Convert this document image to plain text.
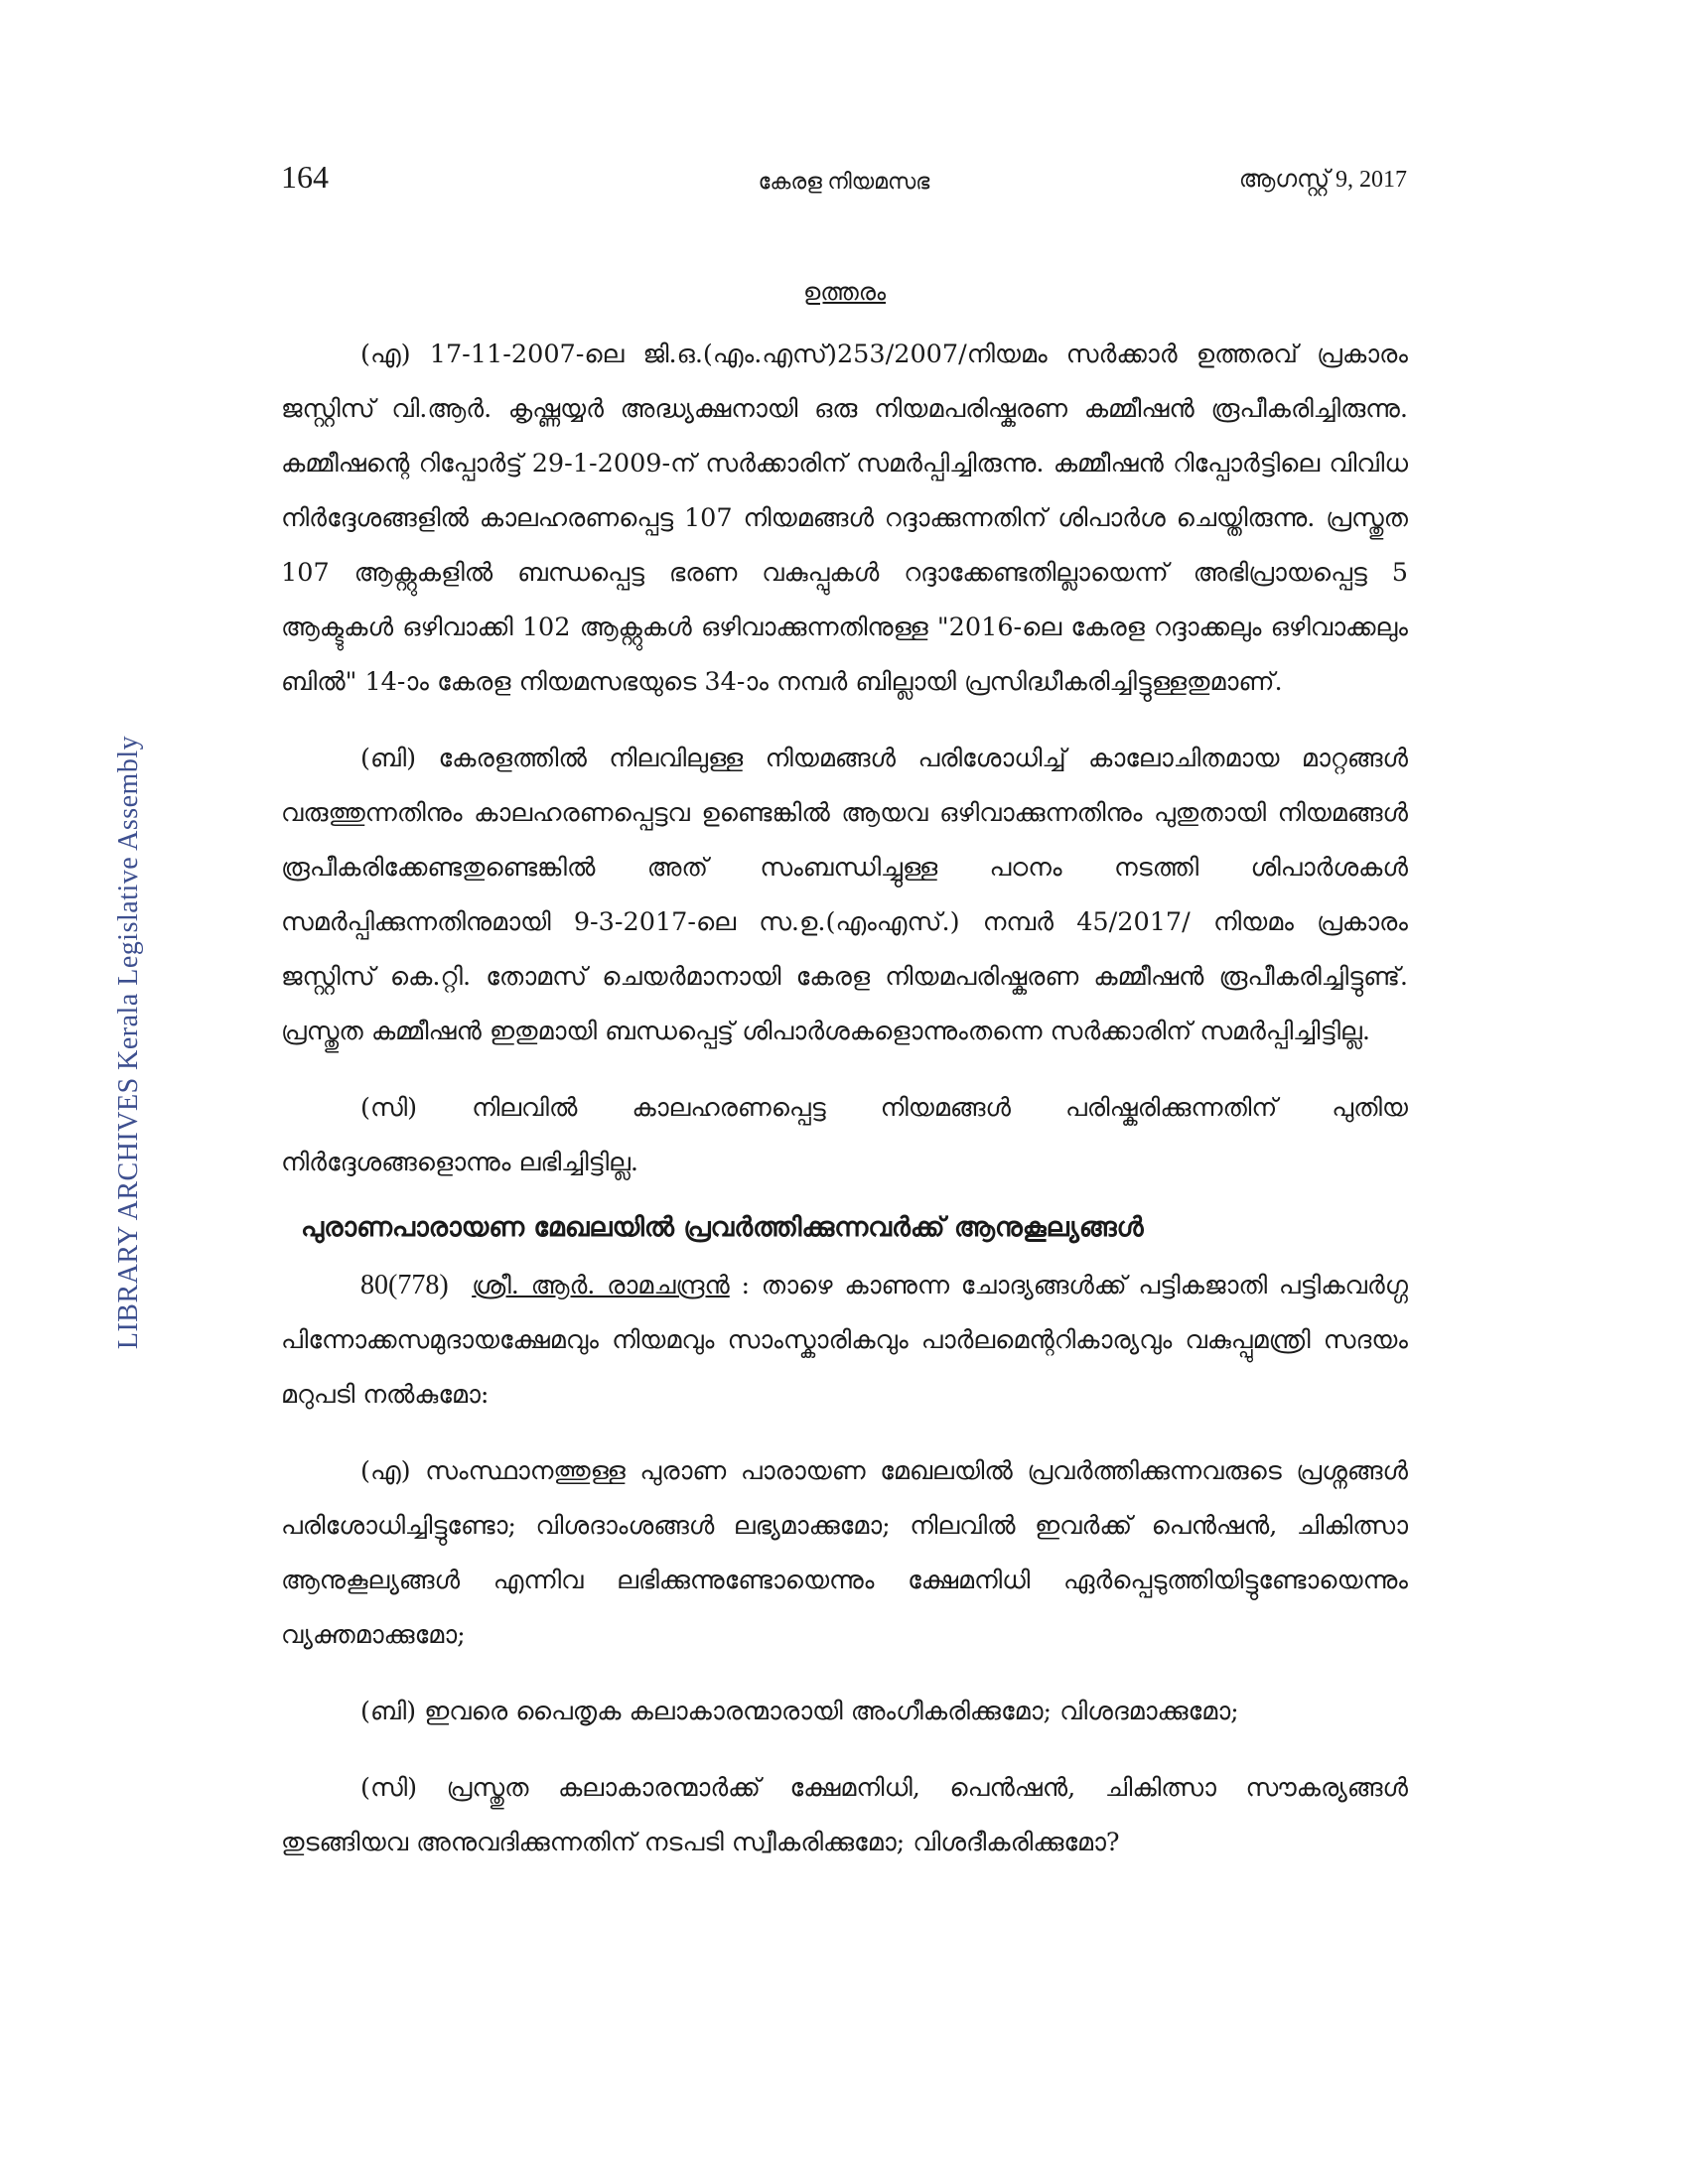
LIBRARY ARCHIVES Kerala Legislative Assembly
164	കേരള നിയമസഭ	ആഗസ്റ്റ് 9, 2017
ഉത്തരം

(എ) 17-11-2007-ലെ ജി.ഒ.(എം.എസ്)253/2007/നിയമം സർക്കാർ ഉത്തരവ് പ്രകാരം ജസ്റ്റിസ് വി.ആർ. കൃഷ്ണയ്യർ അദ്ധ്യക്ഷനായി ഒരു നിയമപരിഷ്കരണ കമ്മീഷൻ രൂപീകരിച്ചിരുന്നു. കമ്മീഷന്റെ റിപ്പോർട്ട് 29-1-2009-ന് സർക്കാരിന് സമർപ്പിച്ചിരുന്നു. കമ്മീഷൻ റിപ്പോർട്ടിലെ വിവിധ നിർദ്ദേശങ്ങളിൽ കാലഹരണപ്പെട്ട 107 നിയമങ്ങൾ റദ്ദാക്കുന്നതിന് ശിപാർശ ചെയ്തിരുന്നു. പ്രസ്തുത 107 ആക്റ്റുകളിൽ ബന്ധപ്പെട്ട ഭരണ വകുപ്പുകൾ റദ്ദാക്കേണ്ടതില്ലായെന്ന് അഭിപ്രായപ്പെട്ട 5 ആക്ടുകൾ ഒഴിവാക്കി 102 ആക്റ്റുകൾ ഒഴിവാക്കുന്നതിനുള്ള "2016-ലെ കേരള റദ്ദാക്കലും ഒഴിവാക്കലും ബിൽ" 14-ാം കേരള നിയമസഭയുടെ 34-ാം നമ്പർ ബില്ലായി പ്രസിദ്ധീകരിച്ചിട്ടുള്ളതുമാണ്.

(ബി) കേരളത്തിൽ നിലവിലുള്ള നിയമങ്ങൾ പരിശോധിച്ച് കാലോചിതമായ മാറ്റങ്ങൾ വരുത്തുന്നതിനും കാലഹരണപ്പെട്ടവ ഉണ്ടെങ്കിൽ ആയവ ഒഴിവാക്കുന്നതിനും പുതുതായി നിയമങ്ങൾ രൂപീകരിക്കേണ്ടതുണ്ടെങ്കിൽ അത് സംബന്ധിച്ചുള്ള പഠനം നടത്തി ശിപാർശകൾ സമർപ്പിക്കുന്നതിനുമായി 9-3-2017-ലെ സ.ഉ.(എംഎസ്.) നമ്പർ 45/2017/ നിയമം പ്രകാരം ജസ്റ്റിസ് കെ.റ്റി. തോമസ് ചെയർമാനായി കേരള നിയമപരിഷ്കരണ കമ്മീഷൻ രൂപീകരിച്ചിട്ടുണ്ട്. പ്രസ്തുത കമ്മീഷൻ ഇതുമായി ബന്ധപ്പെട്ട് ശിപാർശകളൊന്നുംതന്നെ സർക്കാരിന് സമർപ്പിച്ചിട്ടില്ല.

(സി) നിലവിൽ കാലഹരണപ്പെട്ട നിയമങ്ങൾ പരിഷ്കരിക്കുന്നതിന് പുതിയ നിർദ്ദേശങ്ങളൊന്നും ലഭിച്ചിട്ടില്ല.

പുരാണപാരായണ മേഖലയിൽ പ്രവർത്തിക്കുന്നവർക്ക് ആനുകൂല്യങ്ങൾ

80(778) ശ്രീ. ആർ. രാമചന്ദ്രൻ : താഴെ കാണുന്ന ചോദ്യങ്ങൾക്ക് പട്ടികജാതി പട്ടികവർഗ്ഗ പിന്നോക്കസമുദായക്ഷേമവും നിയമവും സാംസ്കാരികവും പാർലമെന്ററികാര്യവും വകുപ്പുമന്ത്രി സദയം മറുപടി നൽകുമോ:

(എ) സംസ്ഥാനത്തുള്ള പുരാണ പാരായണ മേഖലയിൽ പ്രവർത്തിക്കുന്നവരുടെ പ്രശ്നങ്ങൾ പരിശോധിച്ചിട്ടുണ്ടോ; വിശദാംശങ്ങൾ ലഭ്യമാക്കുമോ; നിലവിൽ ഇവർക്ക് പെൻഷൻ, ചികിത്സാ ആനുകൂല്യങ്ങൾ എന്നിവ ലഭിക്കുന്നുണ്ടോയെന്നും ക്ഷേമനിധി ഏർപ്പെടുത്തിയിട്ടുണ്ടോയെന്നും വ്യക്തമാക്കുമോ;

(ബി) ഇവരെ പൈതൃക കലാകാരന്മാരായി അംഗീകരിക്കുമോ; വിശദമാക്കുമോ;

(സി) പ്രസ്തുത കലാകാരന്മാർക്ക് ക്ഷേമനിധി, പെൻഷൻ, ചികിത്സാ സൗകര്യങ്ങൾ തുടങ്ങിയവ അനുവദിക്കുന്നതിന് നടപടി സ്വീകരിക്കുമോ; വിശദീകരിക്കുമോ?
